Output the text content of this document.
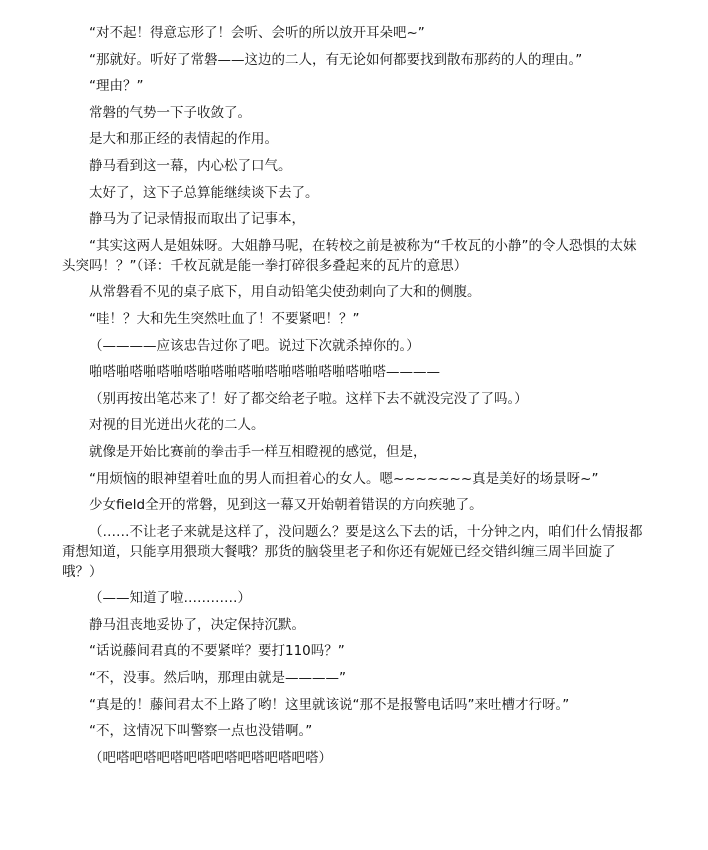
“对不起！得意忘形了！会听、会听的所以放开耳朵吧~”

“那就好。听好了常磐——这边的二人，有无论如何都要找到散布那药的人的理由。”

“理由？”

常磐的气势一下子收敛了。

是大和那正经的表情起的作用。

静马看到这一幕，内心松了口气。

太好了，这下子总算能继续谈下去了。

静马为了记录情报而取出了记事本，

“其实这两人是姐妹呀。大姐静马呢，在转校之前是被称为“千枚瓦的小静”的令人恐惧的太妹头突吗！？”（译：千枚瓦就是能一拳打碎很多叠起来的瓦片的意思）

从常磐看不见的桌子底下，用自动铅笔尖使劲刺向了大和的侧腹。

“哇！？大和先生突然吐血了！不要紧吧！？”

（————应该忠告过你了吧。说过下次就杀掉你的。）

啪嗒啪嗒啪嗒啪嗒啪嗒啪嗒啪嗒啪嗒啪嗒啪嗒啪嗒————

（别再按出笔芯来了！好了都交给老子啦。这样下去不就没完没了了吗。）

对视的目光迸出火花的二人。

就像是开始比赛前的拳击手一样互相瞪视的感觉，但是，

“用烦恼的眼神望着吐血的男人而担着心的女人。嗯~~~~~~~真是美好的场景呀~”

少女field全开的常磐，见到这一幕又开始朝着错误的方向疾驰了。

（……不让老子来就是这样了，没问题么？要是这么下去的话，十分钟之内，咱们什么情报都甭想知道，只能享用猥琐大餐哦？那货的脑袋里老子和你还有妮娅已经交错纠缠三周半回旋了哦？）

（——知道了啦…………）

静马沮丧地妥协了，决定保持沉默。

“话说藤间君真的不要紧咩？要打110吗？”

“不，没事。然后呐，那理由就是————”

“真是的！藤间君太不上路了哟！这里就该说“那不是报警电话吗”来吐槽才行呀。”

“不，这情况下叫警察一点也没错啊。”

（吧嗒吧嗒吧嗒吧嗒吧嗒吧嗒吧嗒吧嗒）
